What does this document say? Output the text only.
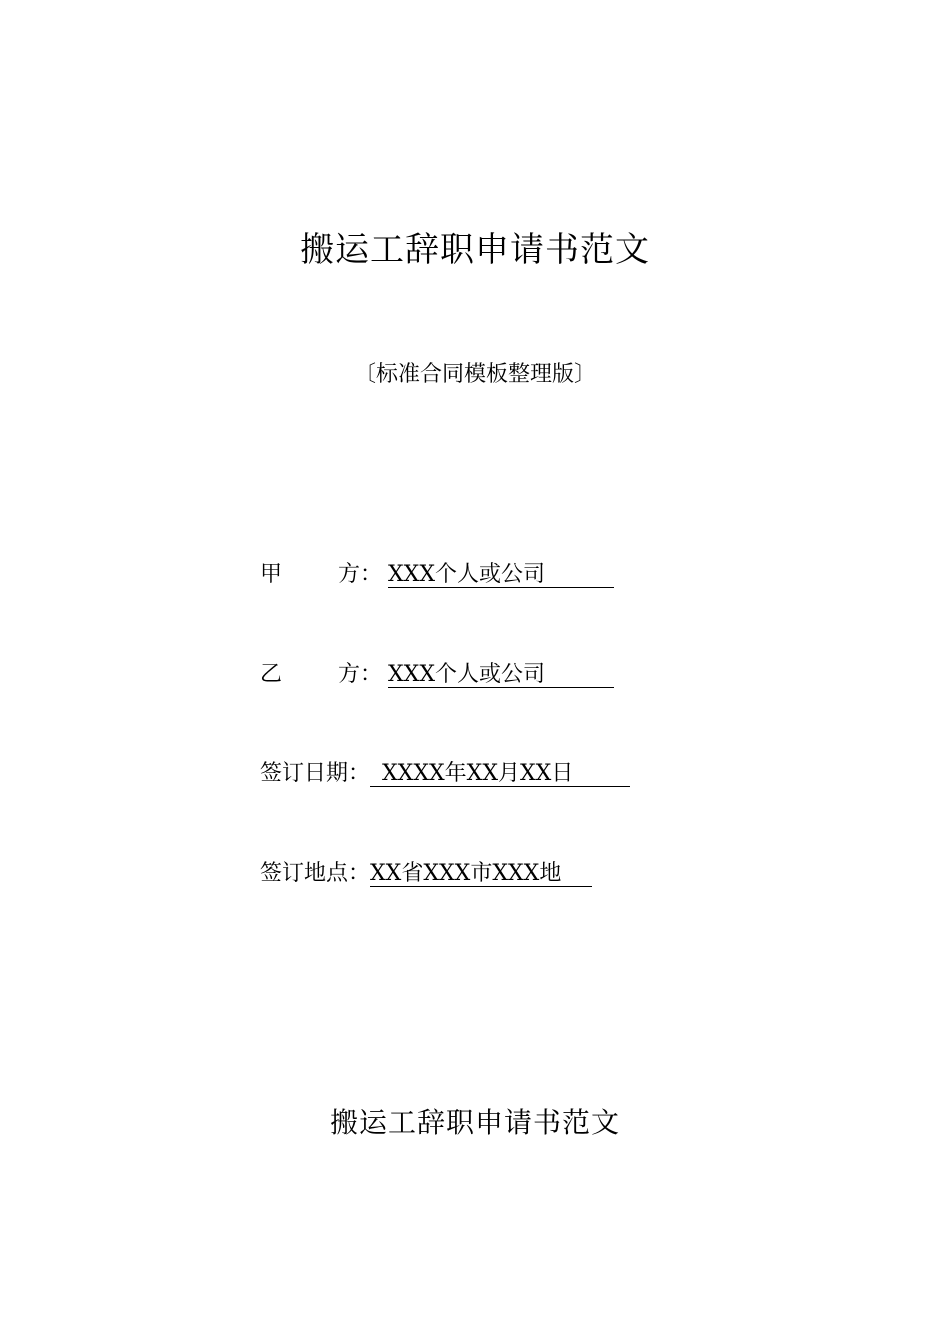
搬运工辞职申请书范文
〔标准合同模板整理版〕
甲	方： XXX个人或公司
乙	方： XXX个人或公司
签订日期： XXXX年XX月XX日
签订地点：XX省XXX市XXX地
搬运工辞职申请书范文
